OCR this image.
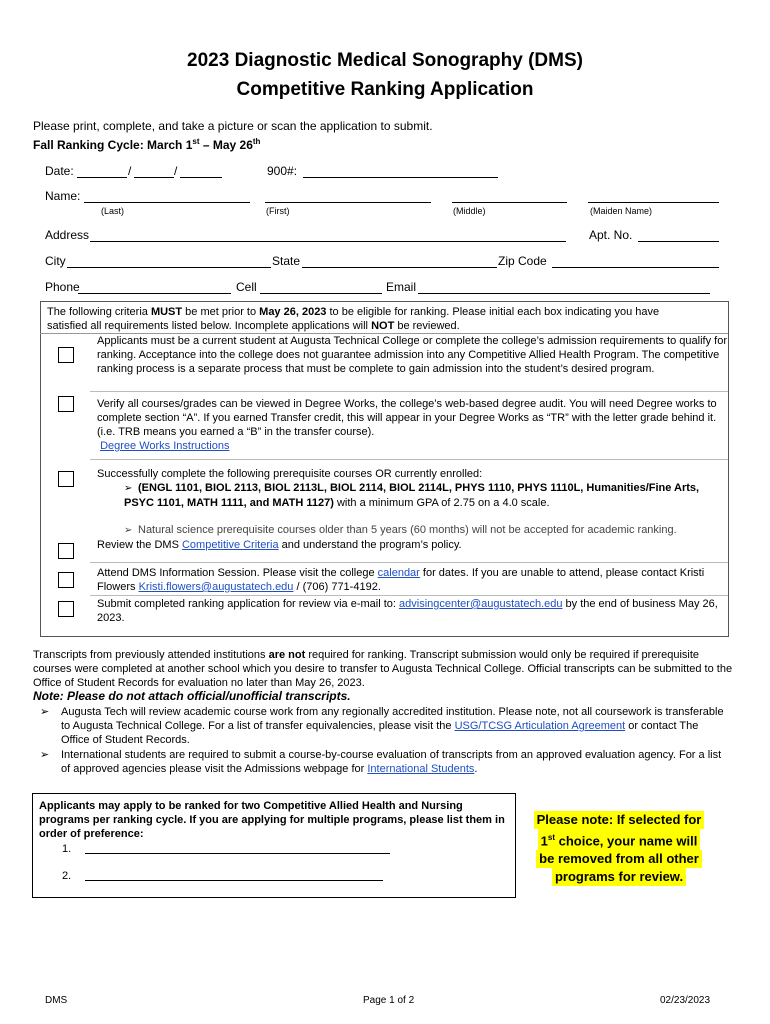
2023 Diagnostic Medical Sonography (DMS)
Competitive Ranking Application
Please print, complete, and take a picture or scan the application to submit.
Fall Ranking Cycle: March 1st – May 26th
Date:	/	/	900#:
Name:
(Last)	(First)	(Middle)	(Maiden Name)
Address	Apt. No.
City	State	Zip Code
Phone	Cell	Email
The following criteria MUST be met prior to May 26, 2023 to be eligible for ranking. Please initial each box indicating you have
satisfied all requirements listed below. Incomplete applications will NOT be reviewed.
Applicants must be a current student at Augusta Technical College or complete the college’s admission requirements to qualify for ranking. Acceptance into the college does not guarantee admission into any Competitive Allied Health Program. The competitive ranking process is a separate process that must be complete to gain admission into the student’s desired program.
Verify all courses/grades can be viewed in Degree Works, the college’s web-based degree audit. You will need Degree works to complete section “A”. If you earned Transfer credit, this will appear in your Degree Works as “TR” with the letter grade behind it. (i.e. TRB means you earned a “B” in the transfer course).
Degree Works Instructions
Successfully complete the following prerequisite courses OR currently enrolled:
➢ (ENGL 1101, BIOL 2113, BIOL 2113L, BIOL 2114, BIOL 2114L, PHYS 1110, PHYS 1110L, Humanities/Fine Arts, PSYC 1101, MATH 1111, and MATH 1127) with a minimum GPA of 2.75 on a 4.0 scale.
➢ Natural science prerequisite courses older than 5 years (60 months) will not be accepted for academic ranking.
Review the DMS Competitive Criteria and understand the program’s policy.
Attend DMS Information Session. Please visit the college calendar for dates. If you are unable to attend, please contact Kristi Flowers Kristi.flowers@augustatech.edu / (706) 771-4192.
Submit completed ranking application for review via e-mail to: advisingcenter@augustatech.edu by the end of business May 26, 2023.
Transcripts from previously attended institutions are not required for ranking. Transcript submission would only be required if prerequisite courses were completed at another school which you desire to transfer to Augusta Technical College. Official transcripts can be submitted to the Office of Student Records for evaluation no later than May 26, 2023.
Note: Please do not attach official/unofficial transcripts.
➢ Augusta Tech will review academic course work from any regionally accredited institution. Please note, not all coursework is transferable to Augusta Technical College. For a list of transfer equivalencies, please visit the USG/TCSG Articulation Agreement or contact The Office of Student Records.
➢ International students are required to submit a course-by-course evaluation of transcripts from an approved evaluation agency. For a list of approved agencies please visit the Admissions webpage for International Students.
Applicants may apply to be ranked for two Competitive Allied Health and Nursing programs per ranking cycle. If you are applying for multiple programs, please list them in order of preference:
1.
2.
Please note: If selected for
1st choice, your name will
be removed from all other
programs for review.
DMS	Page 1 of 2	02/23/2023
